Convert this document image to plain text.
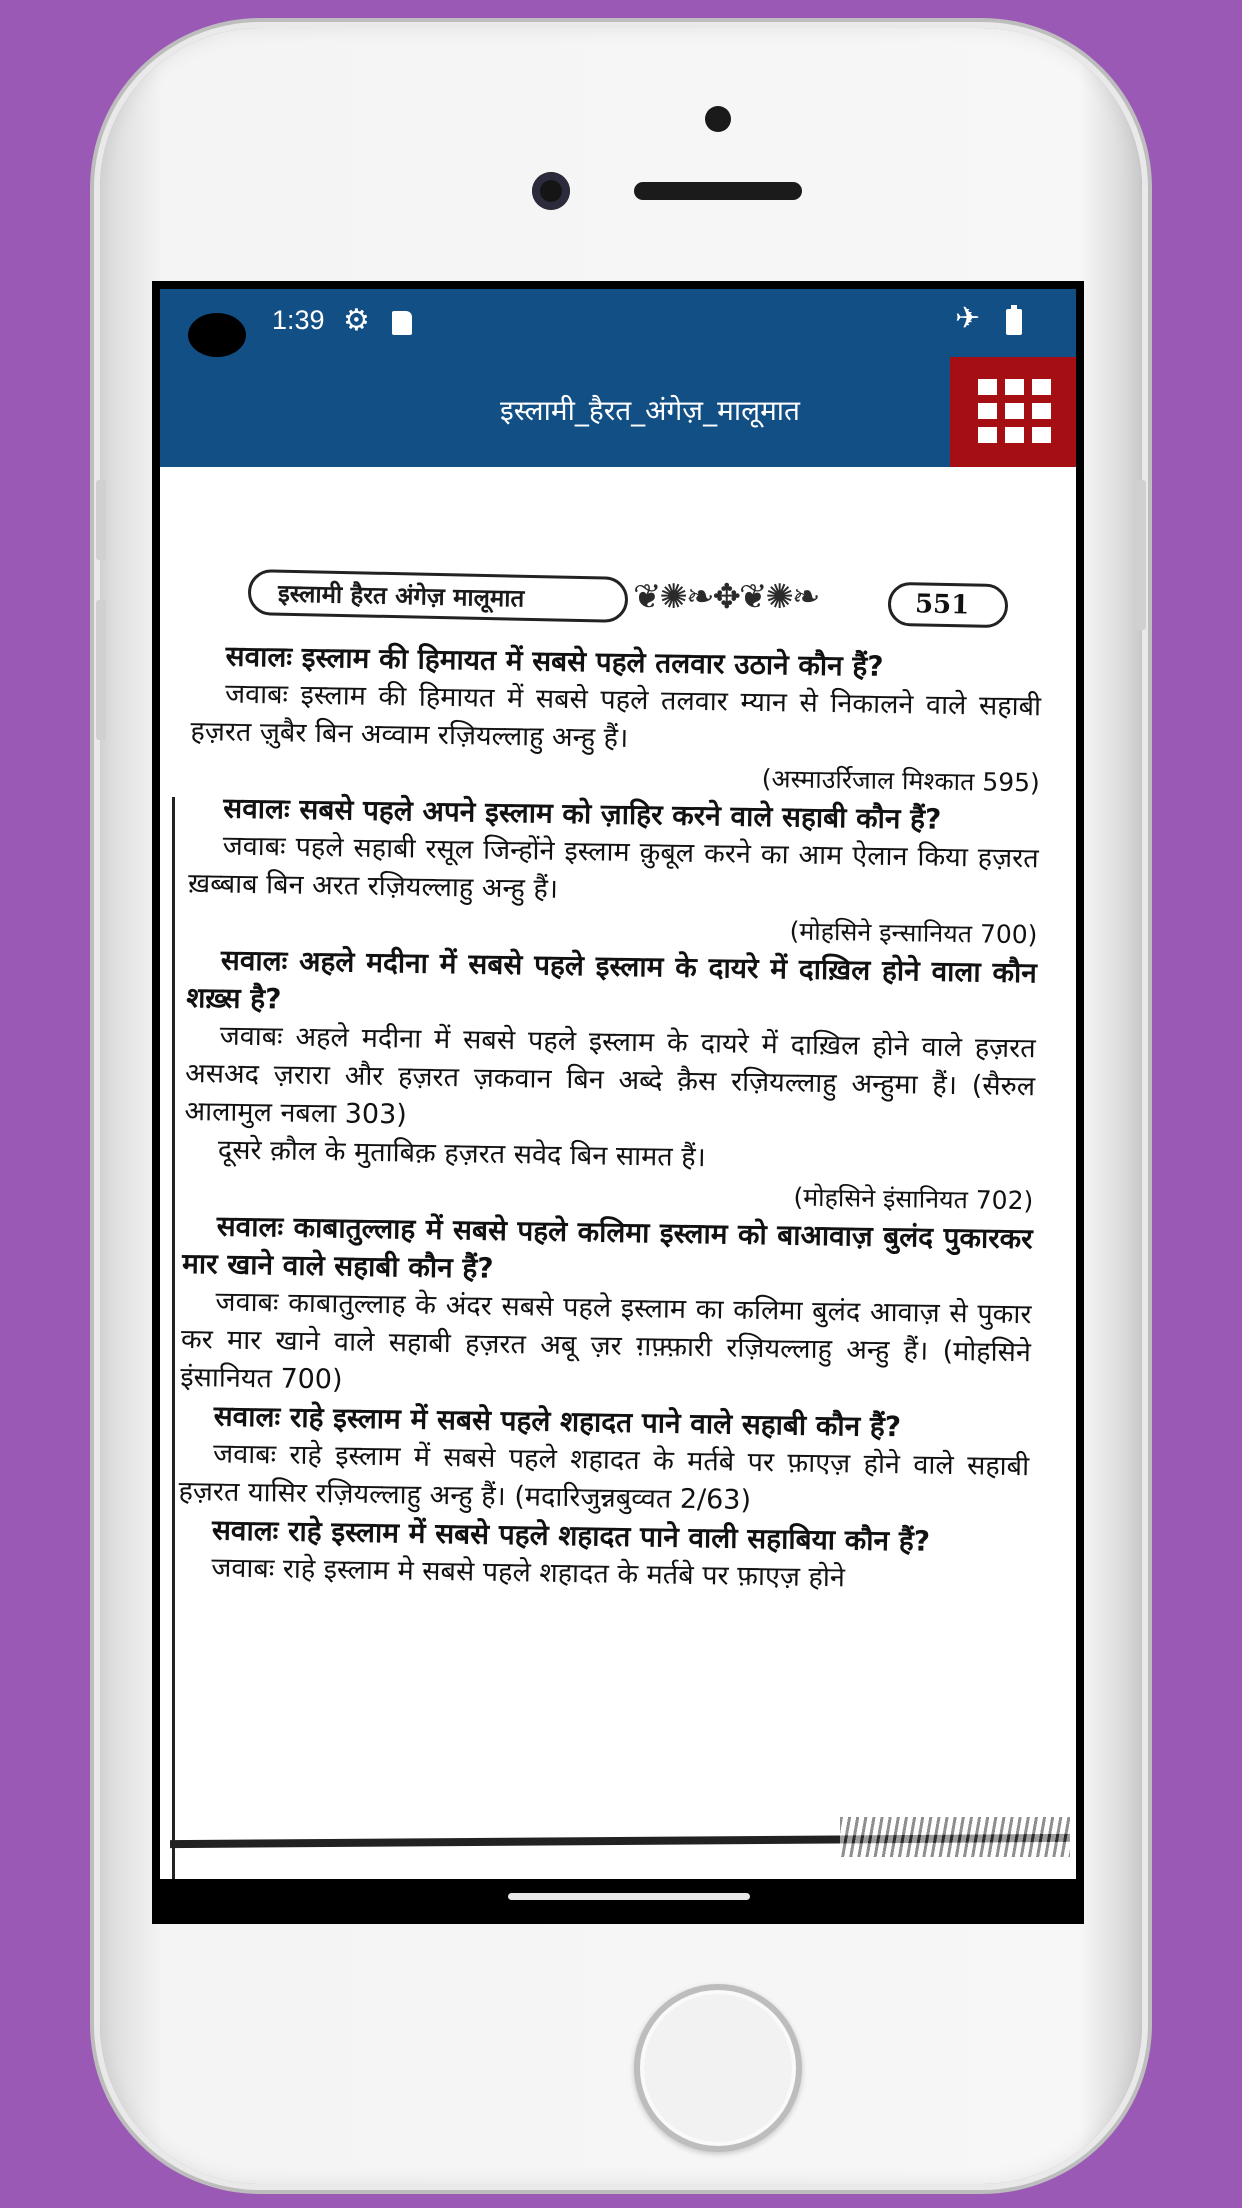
1:39 ⚙	✈
इस्लामी_हैरत_अंगेज़_मालूमात
इस्लामी हैरत अंगेज़ मालूमात	❦✺❧✥❦✺❧	551

सवालः इस्लाम की हिमायत में सबसे पहले तलवार उठाने कौन हैं?

जवाबः इस्लाम की हिमायत में सबसे पहले तलवार म्यान से निकालने वाले सहाबी हज़रत ज़ुबैर बिन अव्वाम रज़ियल्लाहु अन्हु हैं।

(अस्माउर्रिजाल मिश्कात 595)

सवालः सबसे पहले अपने इस्लाम को ज़ाहिर करने वाले सहाबी कौन हैं?

जवाबः पहले सहाबी रसूल जिन्होंने इस्लाम क़ुबूल करने का आम ऐलान किया हज़रत ख़ब्बाब बिन अरत रज़ियल्लाहु अन्हु हैं।

(मोहसिने इन्सानियत 700)

सवालः अहले मदीना में सबसे पहले इस्लाम के दायरे में दाख़िल होने वाला कौन शख़्स है?

जवाबः अहले मदीना में सबसे पहले इस्लाम के दायरे में दाख़िल होने वाले हज़रत असअद ज़रारा और हज़रत ज़कवान बिन अब्दे क़ैस रज़ियल्लाहु अन्हुमा हैं। (सैरुल आलामुल नबला 303)

दूसरे क़ौल के मुताबिक़ हज़रत सवेद बिन सामत हैं।

(मोहसिने इंसानियत 702)

सवालः काबातुल्लाह में सबसे पहले कलिमा इस्लाम को बाआवाज़ बुलंद पुकारकर मार खाने वाले सहाबी कौन हैं?

जवाबः काबातुल्लाह के अंदर सबसे पहले इस्लाम का कलिमा बुलंद आवाज़ से पुकार कर मार खाने वाले सहाबी हज़रत अबू ज़र ग़फ़्फ़ारी रज़ियल्लाहु अन्हु हैं। (मोहसिने इंसानियत 700)

सवालः राहे इस्लाम में सबसे पहले शहादत पाने वाले सहाबी कौन हैं?

जवाबः राहे इस्लाम में सबसे पहले शहादत के मर्तबे पर फ़ाएज़ होने वाले सहाबी हज़रत यासिर रज़ियल्लाहु अन्हु हैं। (मदारिजुन्नबुव्वत 2/63)

सवालः राहे इस्लाम में सबसे पहले शहादत पाने वाली सहाबिया कौन हैं?

जवाबः राहे इस्लाम मे सबसे पहले शहादत के मर्तबे पर फ़ाएज़ होने
